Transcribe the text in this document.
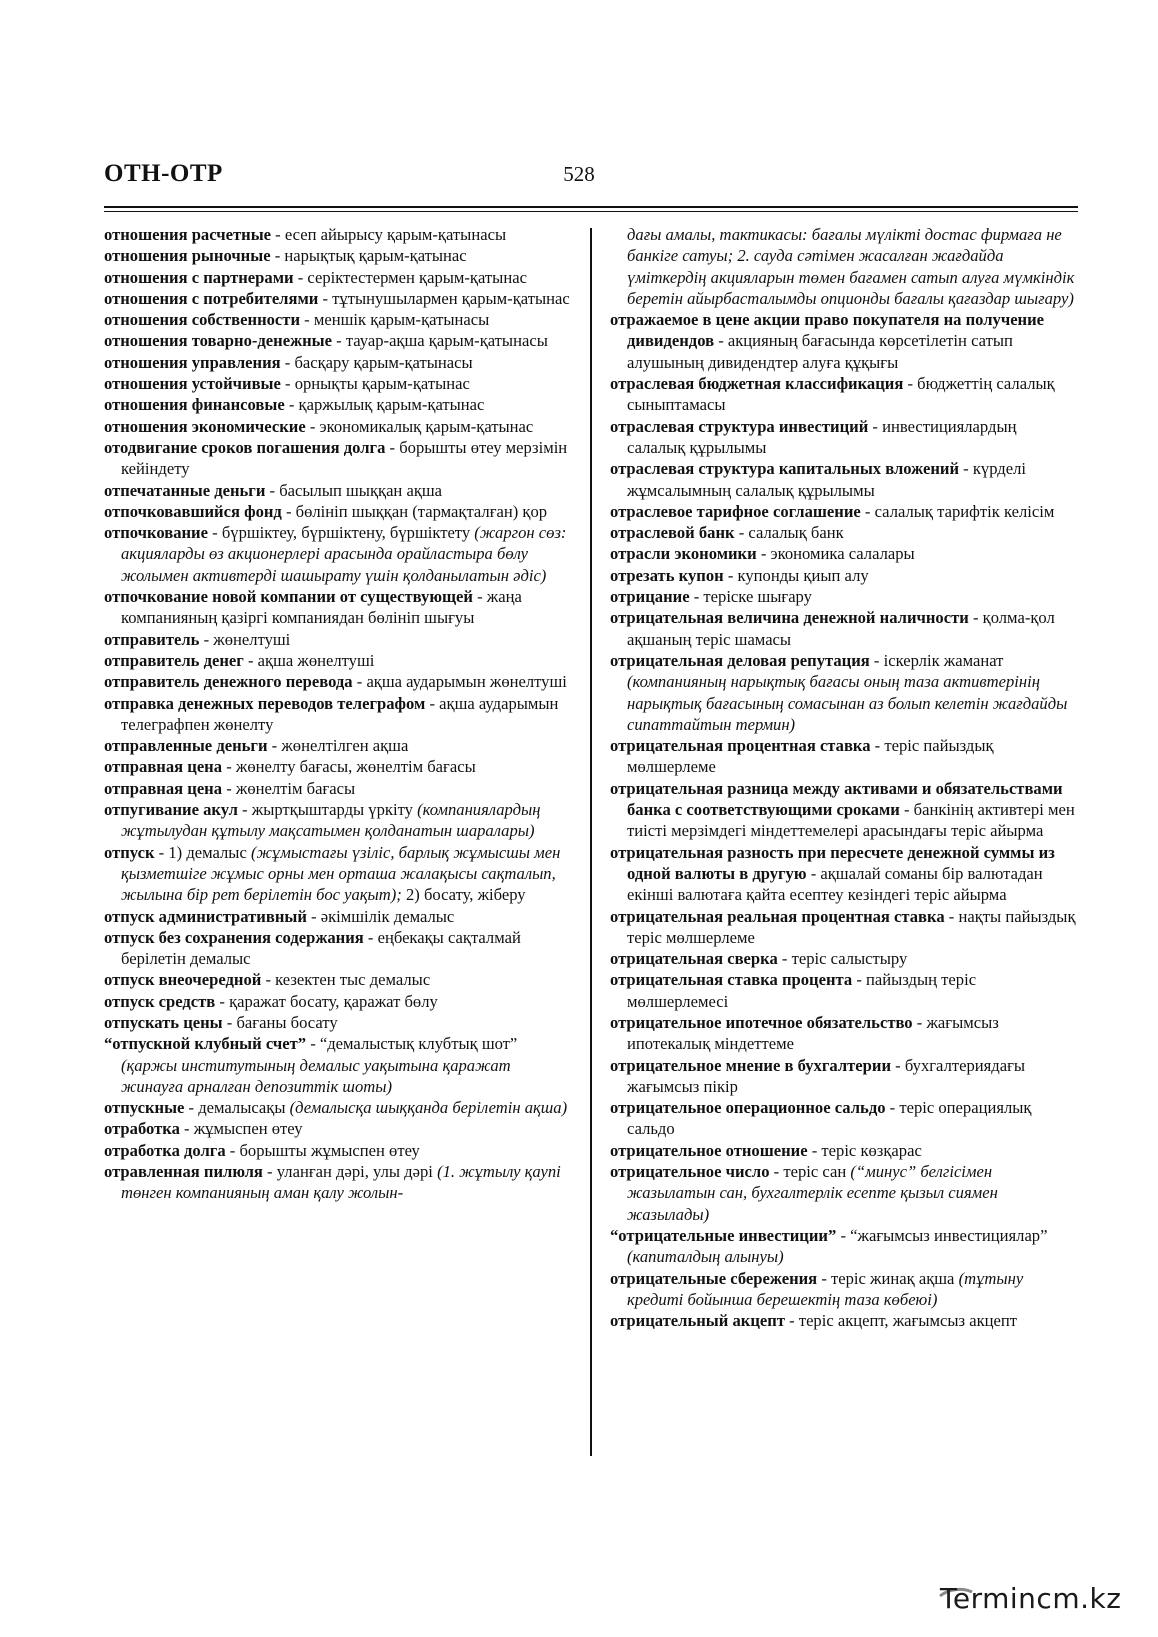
ОТН-ОТР	528
отношения расчетные - есеп айырысу қарым-қатынасы
отношения рыночные - нарықтық қарым-қатынас
отношения с партнерами - серіктестермен қарым-қатынас
отношения с потребителями - тұтынушылармен қарым-қатынас
отношения собственности - меншік қарым-қатынасы
отношения товарно-денежные - тауар-ақша қарым-қатынасы
отношения управления - басқару қарым-қатынасы
отношения устойчивые - орнықты қарым-қатынас
отношения финансовые - қаржылық қарым-қатынас
отношения экономические - экономикалық қарым-қатынас
отодвигание сроков погашения долга - борышты өтеу мерзімін кейіндету
отпечатанные деньги - басылып шыққан ақша
отпочковавшийся фонд - бөлініп шыққан (тармақталған) қор
отпочкование - бүршіктеу, бүршіктену, бүршіктету (жаргон сөз: акцияларды өз акционерлері арасында орайластыра бөлу жолымен активтерді шашырату үшін қолданылатын әдіс)
отпочкование новой компании от существующей - жаңа компанияның қазіргі компаниядан бөлініп шығуы
отправитель - жөнелтуші
отправитель денег - ақша жөнелтуші
отправитель денежного перевода - ақша аударымын жөнелтуші
отправка денежных переводов телеграфом - ақша аударымын телеграфпен жөнелту
отправленные деньги - жөнелтілген ақша
отправная цена - жөнелту бағасы, жөнелтім бағасы
отправная цена - жөнелтім бағасы
отпугивание акул - жыртқыштарды үркіту (компаниялардың жұтылудан құтылу мақсатымен қолданатын шаралары)
отпуск - 1) демалыс (жұмыстағы үзіліс, барлық жұмысшы мен қызметшіге жұмыс орны мен орташа жалақысы сақталып, жылына бір рет берілетін бос уақыт); 2) босату, жіберу
отпуск административный - әкімшілік демалыс
отпуск без сохранения содержания - еңбекақы сақталмай берілетін демалыс
отпуск внеочередной - кезектен тыс демалыс
отпуск средств - қаражат босату, қаражат бөлу
отпускать цены - бағаны босату
“отпускной клубный счет” - “демалыстық клубтық шот” (қаржы институтының демалыс уақытына қаражат жинауға арналған депозиттік шоты)
отпускные - демалысақы (демалысқа шыққанда берілетін ақша)
отработка - жұмыспен өтеу
отработка долга - борышты жұмыспен өтеу
отравленная пилюля - уланған дәрі, улы дәрі (1. жұтылу қаупі төнген компанияның аман қалу жолын-
дағы амалы, тактикасы: бағалы мүлікті достас фирмаға не банкіге сатуы; 2. сауда сәтімен жасалған жағдайда үміткердің акцияларын төмен бағамен сатып алуға мүмкіндік беретін айырбасталымды опционды бағалы қағаздар шығару)
отражаемое в цене акции право покупателя на получение дивидендов - акцияның бағасында көрсетілетін сатып алушының дивидендтер алуға құқығы
отраслевая бюджетная классификация - бюджеттің салалық сыныптамасы
отраслевая структура инвестиций - инвестициялардың салалық құрылымы
отраслевая структура капитальных вложений - күрделі жұмсалымның салалық құрылымы
отраслевое тарифное соглашение - салалық тарифтік келісім
отраслевой банк - салалық банк
отрасли экономики - экономика салалары
отрезать купон - купонды қиып алу
отрицание - теріске шығару
отрицательная величина денежной наличности - қолма-қол ақшаның теріс шамасы
отрицательная деловая репутация - іскерлік жаманат (компанияның нарықтық бағасы оның таза активтерінің нарықтық бағасының сомасынан аз болып келетін жағдайды сипаттайтын термин)
отрицательная процентная ставка - теріс пайыздық мөлшерлеме
отрицательная разница между активами и обязательствами банка с соответствующими сроками - банкінің активтері мен тиісті мерзімдегі міндеттемелері арасындағы теріс айырма
отрицательная разность при пересчете денежной суммы из одной валюты в другую - ақшалай соманы бір валютадан екінші валютаға қайта есептеу кезіндегі теріс айырма
отрицательная реальная процентная ставка - нақты пайыздық теріс мөлшерлеме
отрицательная сверка - теріс салыстыру
отрицательная ставка процента - пайыздың теріс мөлшерлемесі
отрицательное ипотечное обязательство - жағымсыз ипотекалық міндеттеме
отрицательное мнение в бухгалтерии - бухгалтериядағы жағымсыз пікір
отрицательное операционное сальдо - теріс операциялық сальдо
отрицательное отношение - теріс көзқарас
отрицательное число - теріс сан (“минус” белгісімен жазылатын сан, бухгалтерлік есепте қызыл сиямен жазылады)
“отрицательные инвестиции” - “жағымсыз инвестициялар” (капиталдың алынуы)
отрицательные сбережения - теріс жинақ ақша (тұтыну кредиті бойынша берешектің таза көбеюі)
отрицательный акцепт - теріс акцепт, жағымсыз акцепт
Termincm.kz
